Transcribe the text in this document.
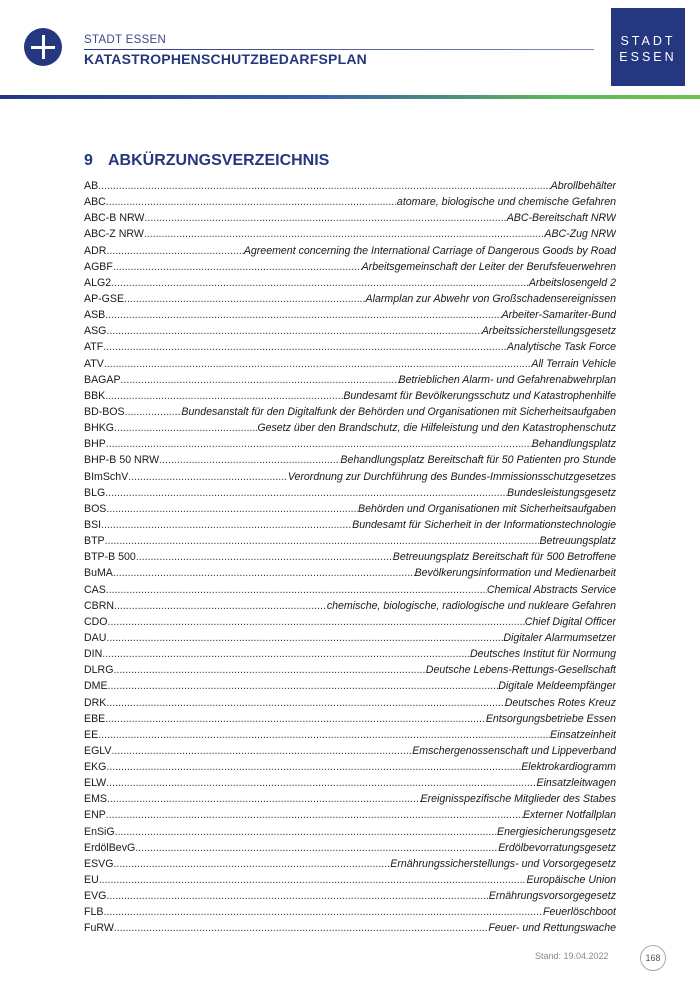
STADT ESSEN
KATASTROPHENSCHUTZBEDARFSPLAN
STADT
ESSEN
9 ABKÜRZUNGSVERZEICHNIS
AB .....	Abrollbehälter
ABC .....	atomare, biologische und chemische Gefahren
ABC-B NRW .....	ABC-Bereitschaft NRW
ABC-Z NRW .....	ABC-Zug NRW
ADR .....	Agreement concerning the International Carriage of Dangerous Goods by Road
AGBF .....	Arbeitsgemeinschaft der Leiter der Berufsfeuerwehren
ALG2 .....	Arbeitslosengeld 2
AP-GSE .....	Alarmplan zur Abwehr von Großschadensereignissen
ASB .....	Arbeiter-Samariter-Bund
ASG .....	Arbeitssicherstellungsgesetz
ATF .....	Analytische Task Force
ATV .....	All Terrain Vehicle
BAGAP .....	Betrieblichen Alarm- und Gefahrenabwehrplan
BBK .....	Bundesamt für Bevölkerungsschutz und Katastrophenhilfe
BD-BOS .....	Bundesanstalt für den Digitalfunk der Behörden und Organisationen mit Sicherheitsaufgaben
BHKG .....	Gesetz über den Brandschutz, die Hilfeleistung und den Katastrophenschutz
BHP .....	Behandlungsplatz
BHP-B 50 NRW .....	Behandlungsplatz Bereitschaft für 50 Patienten pro Stunde
BImSchV .....	Verordnung zur Durchführung des Bundes-Immissionsschutzgesetzes
BLG .....	Bundesleistungsgesetz
BOS .....	Behörden und Organisationen mit Sicherheitsaufgaben
BSI .....	Bundesamt für Sicherheit in der Informationstechnologie
BTP .....	Betreuungsplatz
BTP-B 500 .....	Betreuungsplatz Bereitschaft für 500 Betroffene
BuMA .....	Bevölkerungsinformation und Medienarbeit
CAS .....	Chemical Abstracts Service
CBRN .....	chemische, biologische, radiologische und nukleare Gefahren
CDO .....	Chief Digital Officer
DAU .....	Digitaler Alarmumsetzer
DIN .....	Deutsches Institut für Normung
DLRG .....	Deutsche Lebens-Rettungs-Gesellschaft
DME .....	Digitale Meldeempfänger
DRK .....	Deutsches Rotes Kreuz
EBE .....	Entsorgungsbetriebe Essen
EE .....	Einsatzeinheit
EGLV .....	Emschergenossenschaft und Lippeverband
EKG .....	Elektrokardiogramm
ELW .....	Einsatzleitwagen
EMS .....	Ereignisspezifische Mitglieder des Stabes
ENP .....	Externer Notfallplan
EnSiG .....	Energiesicherungsgesetz
ErdölBevG .....	Erdölbevorratungsgesetz
ESVG .....	Ernährungssicherstellungs- und Vorsorgegesetz
EU .....	Europäische Union
EVG .....	Ernährungsvorsorgegesetz
FLB .....	Feuerlöschboot
FuRW .....	Feuer- und Rettungswache
Stand: 19.04.2022	168
